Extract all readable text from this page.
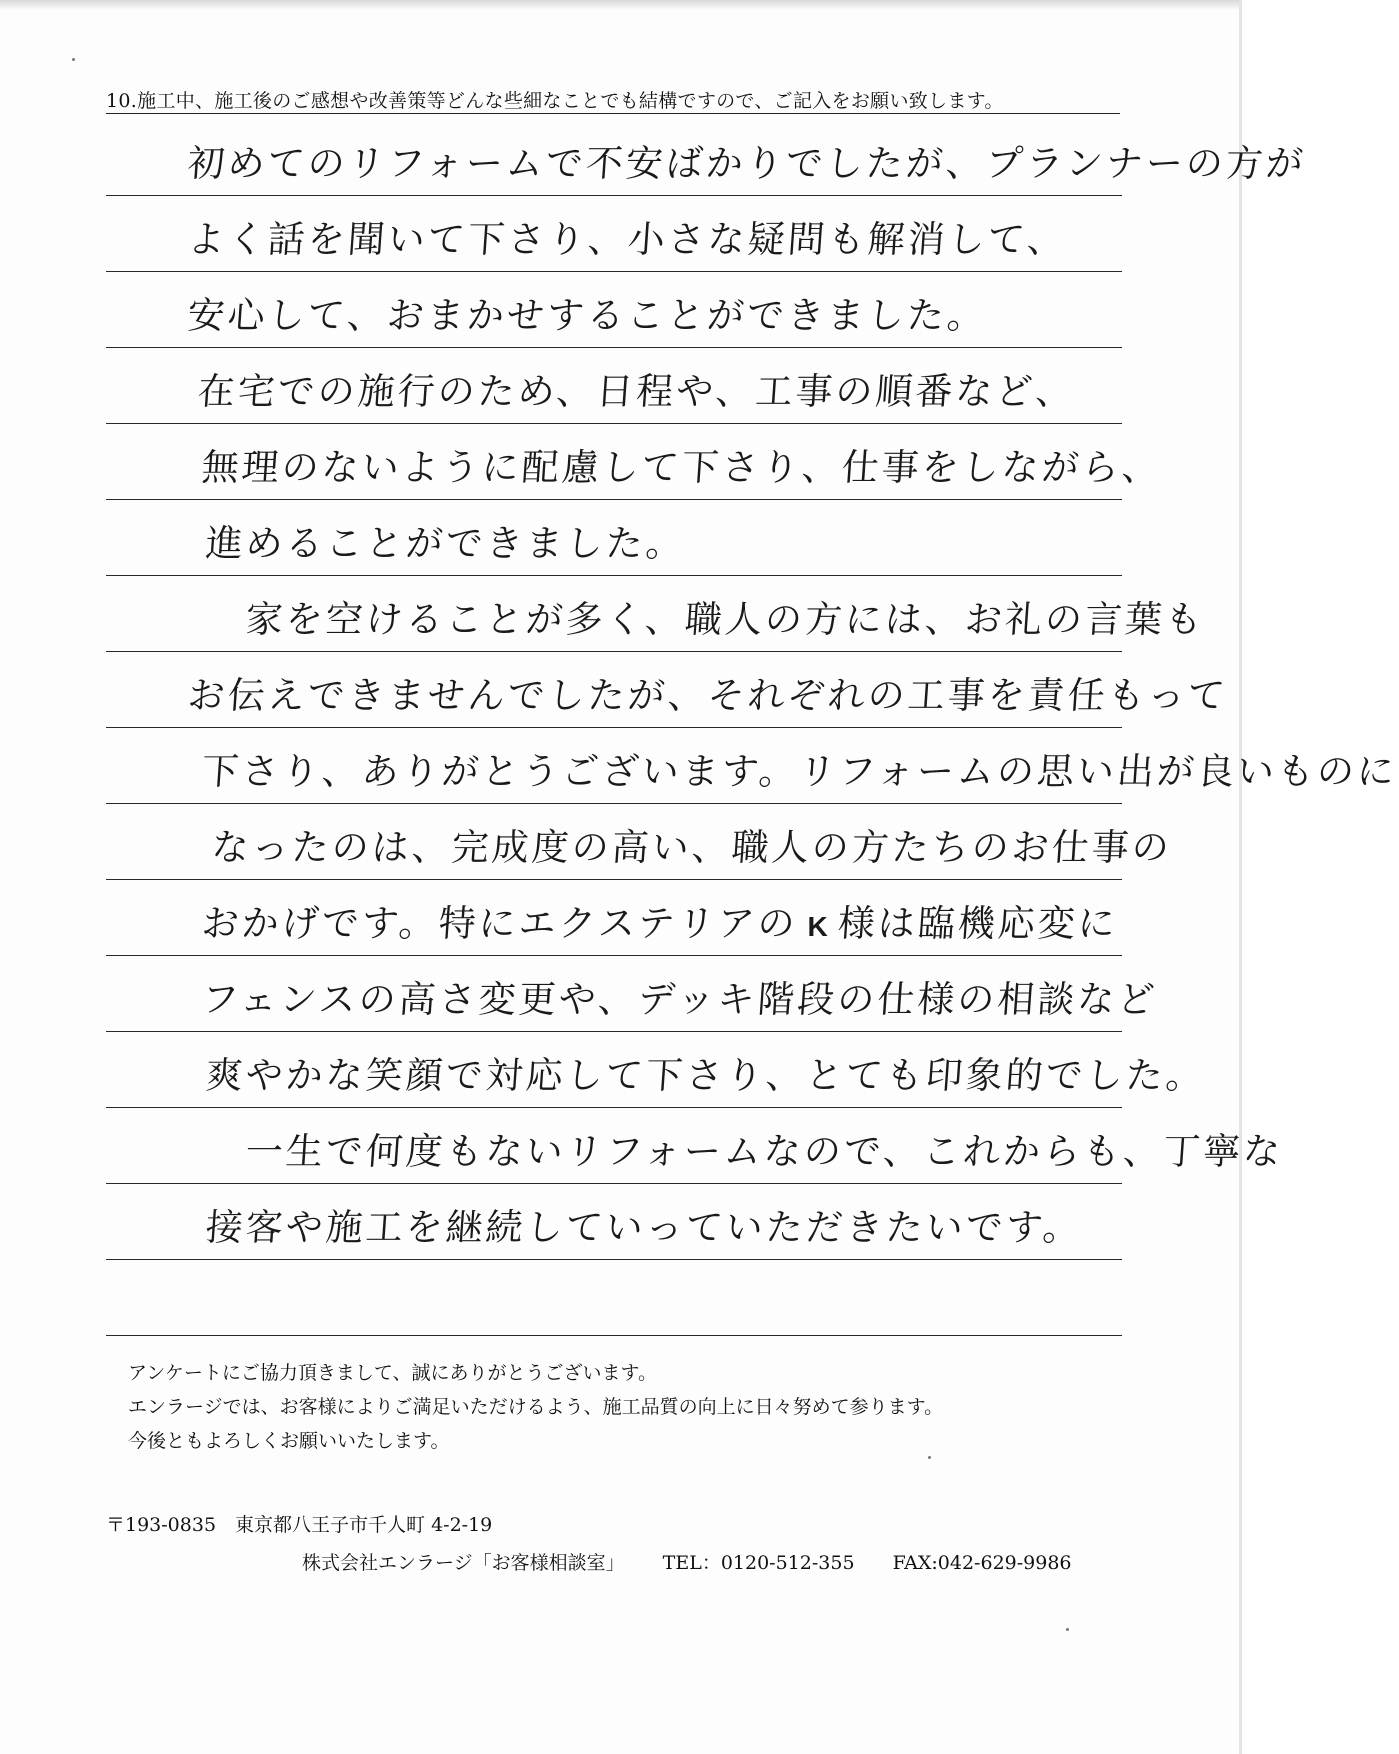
10.施工中、施工後のご感想や改善策等どんな些細なことでも結構ですので、ご記入をお願い致します。
初めてのリフォームで不安ばかりでしたが、プランナーの方が
よく話を聞いて下さり、小さな疑問も解消して、
安心して、おまかせすることができました。
在宅での施行のため、日程や、工事の順番など、
無理のないように配慮して下さり、仕事をしながら、
進めることができました。
　家を空けることが多く、職人の方には、お礼の言葉も
お伝えできませんでしたが、それぞれの工事を責任もって
下さり、ありがとうございます。リフォームの思い出が良いものに
なったのは、完成度の高い、職人の方たちのお仕事の
おかげです。特にエクステリアの K 様は臨機応変に
フェンスの高さ変更や、デッキ階段の仕様の相談など
爽やかな笑顔で対応して下さり、とても印象的でした。
　一生で何度もないリフォームなので、これからも、丁寧な
接客や施工を継続していっていただきたいです。
アンケートにご協力頂きまして、誠にありがとうございます。
エンラージでは、お客様によりご満足いただけるよう、施工品質の向上に日々努めて参ります。
今後ともよろしくお願いいたします。
〒193-0835　東京都八王子市千人町 4-2-19
株式会社エンラージ「お客様相談室」 TEL：0120-512-355 FAX:042-629-9986
